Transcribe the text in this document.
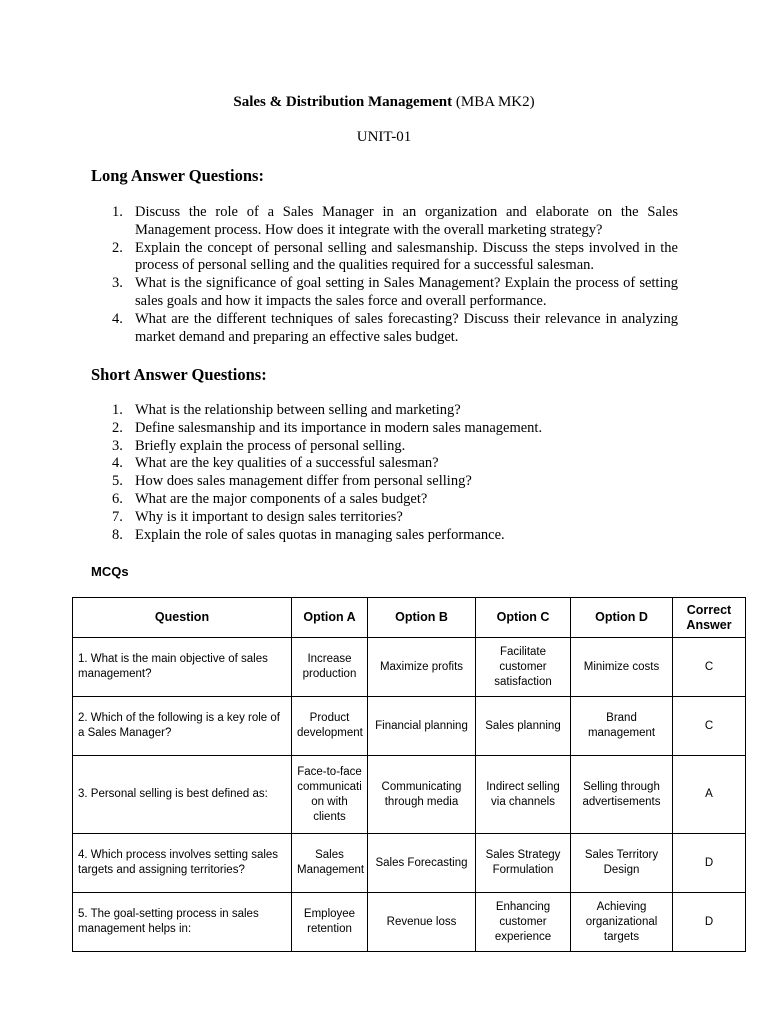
Sales & Distribution Management (MBA MK2)
UNIT-01
Long Answer Questions:
1. Discuss the role of a Sales Manager in an organization and elaborate on the Sales Management process. How does it integrate with the overall marketing strategy?
2. Explain the concept of personal selling and salesmanship. Discuss the steps involved in the process of personal selling and the qualities required for a successful salesman.
3. What is the significance of goal setting in Sales Management? Explain the process of setting sales goals and how it impacts the sales force and overall performance.
4. What are the different techniques of sales forecasting? Discuss their relevance in analyzing market demand and preparing an effective sales budget.
Short Answer Questions:
1. What is the relationship between selling and marketing?
2. Define salesmanship and its importance in modern sales management.
3. Briefly explain the process of personal selling.
4. What are the key qualities of a successful salesman?
5. How does sales management differ from personal selling?
6. What are the major components of a sales budget?
7. Why is it important to design sales territories?
8. Explain the role of sales quotas in managing sales performance.
MCQs
Question	Option A	Option B	Option C	Option D	Correct Answer
1. What is the main objective of sales management?	Increase production	Maximize profits	Facilitate customer satisfaction	Minimize costs	C
2. Which of the following is a key role of a Sales Manager?	Product development	Financial planning	Sales planning	Brand management	C
3. Personal selling is best defined as:	Face-to-face communicati on with clients	Communicating through media	Indirect selling via channels	Selling through advertisements	A
4. Which process involves setting sales targets and assigning territories?	Sales Management	Sales Forecasting	Sales Strategy Formulation	Sales Territory Design	D
5. The goal-setting process in sales management helps in:	Employee retention	Revenue loss	Enhancing customer experience	Achieving organizational targets	D
